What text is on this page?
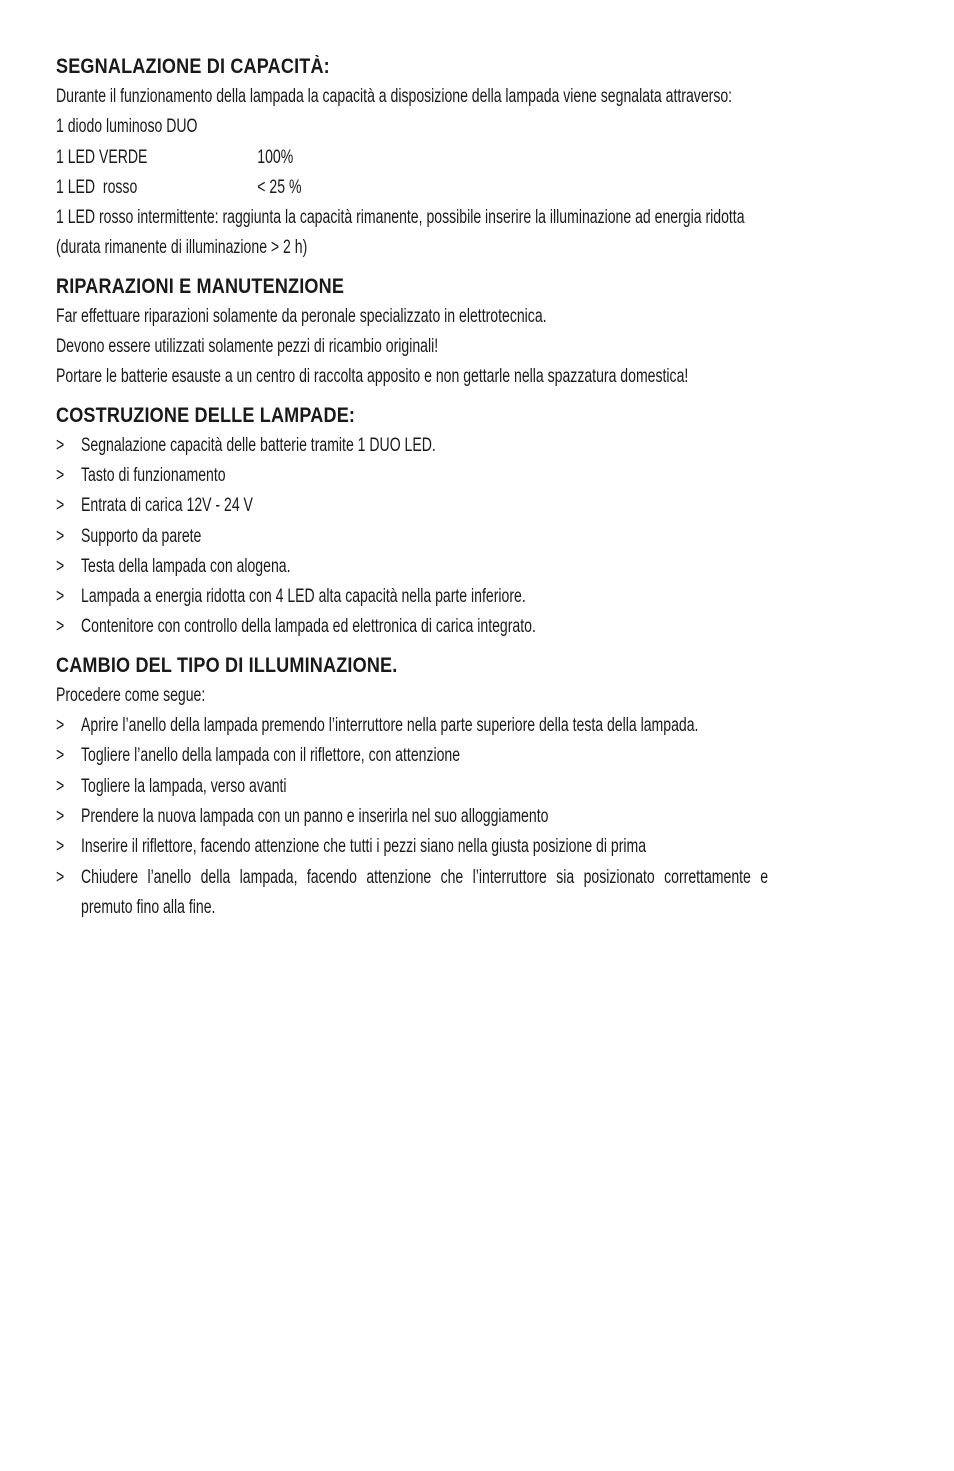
SEGNALAZIONE DI CAPACITÀ:
Durante il funzionamento della lampada la capacità a disposizione della lampada viene segnalata attraverso:
1 diodo luminoso DUO
1 LED VERDE	100%
1 LED  rosso	< 25 %
1 LED rosso intermittente: raggiunta la capacità rimanente, possibile inserire la illuminazione ad energia ridotta
(durata rimanente di illuminazione > 2 h)
RIPARAZIONI E MANUTENZIONE
Far effettuare riparazioni solamente da peronale specializzato in elettrotecnica.
Devono essere utilizzati solamente pezzi di ricambio originali!
Portare le batterie esauste a un centro di raccolta apposito e non gettarle nella spazzatura domestica!
COSTRUZIONE DELLE LAMPADE:
> Segnalazione capacità delle batterie tramite 1 DUO LED.
> Tasto di funzionamento
> Entrata di carica 12V - 24 V
> Supporto da parete
> Testa della lampada con alogena.
> Lampada a energia ridotta con 4 LED alta capacità nella parte inferiore.
> Contenitore con controllo della lampada ed elettronica di carica integrato.
CAMBIO DEL TIPO DI ILLUMINAZIONE.
Procedere come segue:
> Aprire l’anello della lampada premendo l’interruttore nella parte superiore della testa della lampada.
> Togliere l’anello della lampada con il riflettore, con attenzione
> Togliere la lampada, verso avanti
> Prendere la nuova lampada con un panno e inserirla nel suo alloggiamento
> Inserire il riflettore, facendo attenzione che tutti i pezzi siano nella giusta posizione di prima
> Chiudere l’anello della lampada, facendo attenzione che l’interruttore sia posizionato correttamente e
premuto fino alla fine.
